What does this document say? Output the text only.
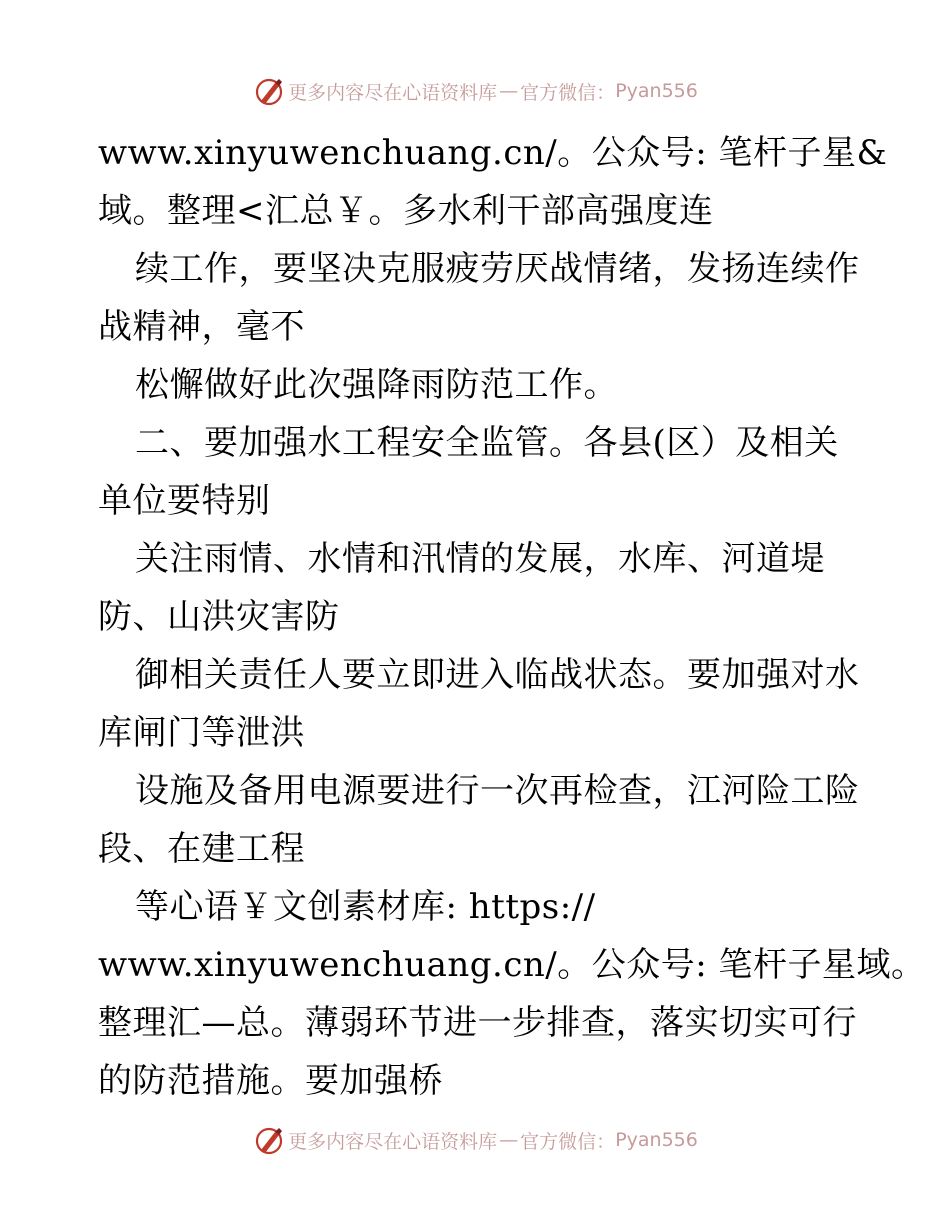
更多内容尽在心语资料库 — 官方微信： Pyan556
www.xinyuwenchuang.cn/。公众号: 笔杆子星&
域。整理<汇总￥。多水利干部高强度连
续工作，要坚决克服疲劳厌战情绪，发扬连续作
战精神，毫不
松懈做好此次强降雨防范工作。
二、要加强水工程安全监管。各县(区）及相关
单位要特别
关注雨情、水情和汛情的发展，水库、河道堤
防、山洪灾害防
御相关责任人要立即进入临战状态。要加强对水
库闸门等泄洪
设施及备用电源要进行一次再检查，江河险工险
段、在建工程
等心语￥文创素材库: https://
www.xinyuwenchuang.cn/。公众号: 笔杆子星域。
整理汇—总。薄弱环节进一步排查，落实切实可行
的防范措施。要加强桥
更多内容尽在心语资料库 — 官方微信： Pyan556
